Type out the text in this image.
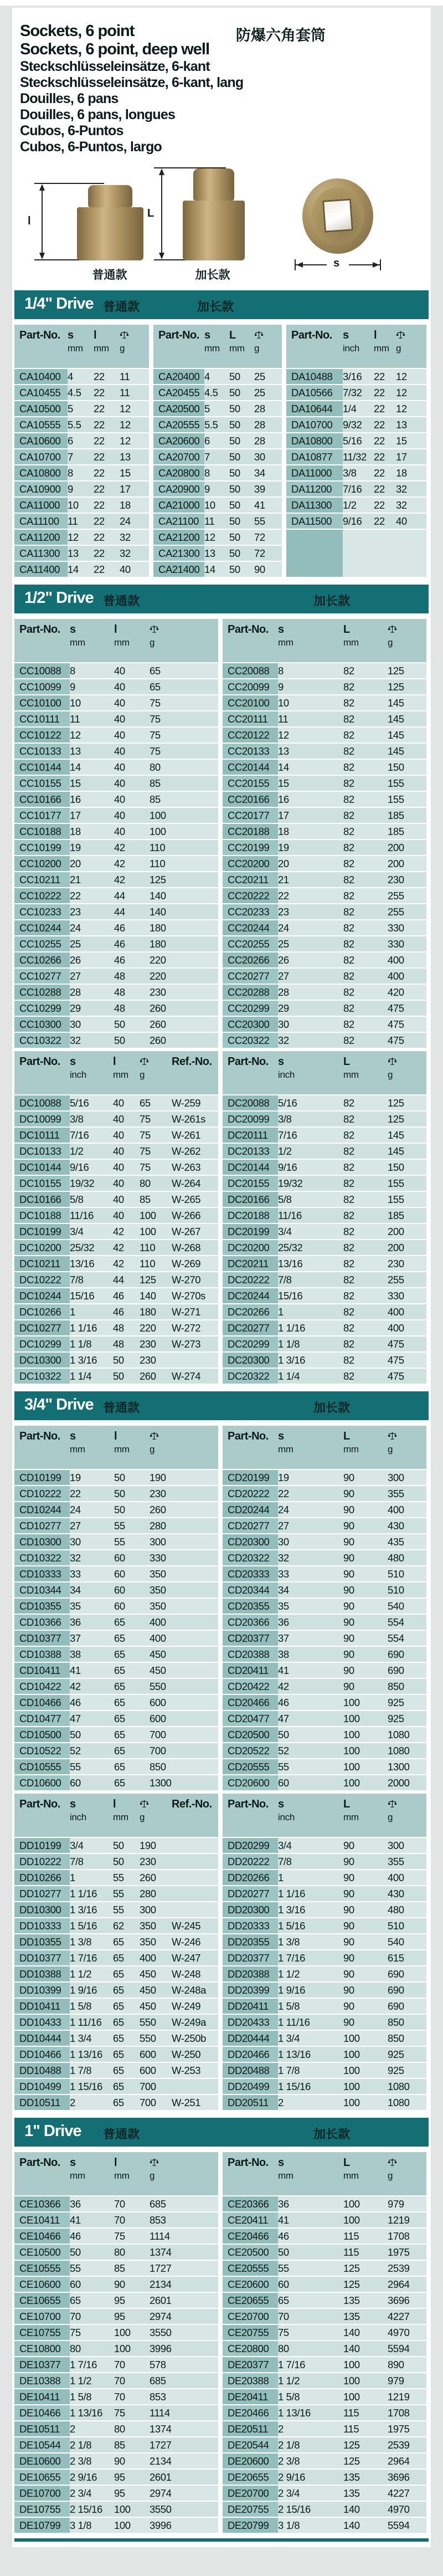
Sockets, 6 point
Sockets, 6 point, deep well
防爆六角套筒
Steckschlüsseleinsätze, 6-kant
Steckschlüsseleinsätze, 6-kant, lang
Douilles, 6 pans
Douilles, 6 pans, longues
Cubos, 6-Puntos
Cubos, 6-Puntos, largo
l
L
s
普通款	加长款
1/4" Drive 普通款	加长款
Part-No. s
mm
l
mm	g
CA10400 4	22	11
CA10455 4.5	22	11
CA10500 5	22	12
CA10555 5.5	22	12
CA10600 6	22	12
CA10700 7	22	13
CA10800 8	22	15
CA10900 9	22	17
CA11000 10	22	18
CA11100 11	22	24
CA11200 12	22	32
CA11300 13	22	32
CA11400 14	22	40
Part-No. s
mm
L
mm	g
CA20400 4	50	25
CA20455 4.5	50	25
CA20500 5	50	28
CA20555 5.5	50	28
CA20600 6	50	28
CA20700 7	50	30
CA20800 8	50	34
CA20900 9	50	39
CA21000 10	50	41
CA21100 11	50	55
CA21200 12	50	72
CA21300 13	50	72
CA21400 14	50	90
Part-No. s
inch
l
mm g
DA10488	3/16	22	12
DA10566	7/32	22	12
DA10644	1/4	22	12
DA10700	9/32	22	13
DA10800	5/16	22	15
DA10877	11/32 22	17
DA11000	3/8	22	18
DA11200	7/16	22	32
DA11300	1/2	22	32
DA11500	9/16	22	40
1/2" Drive 普通款	加长款
Part-No. s
mm
l
mm	g
CC10088 8	40	65
CC10099 9	40	65
CC10100 10	40	75
CC10111 11	40	75
CC10122 12	40	75
CC10133 13	40	75
CC10144 14	40	80
CC10155 15	40	85
CC10166 16	40	85
CC10177 17	40	100
CC10188 18	40	100
CC10199 19	42	110
CC10200 20	42	110
CC10211 21	42	125
CC10222 22	44	140
CC10233 23	44	140
CC10244 24	46	180
CC10255 25	46	180
CC10266 26	46	220
CC10277 27	48	220
CC10288 28	48	230
CC10299 29	48	260
CC10300 30	50	260
CC10322 32	50	260
Part-No. s
mm
L
mm	g
CC20088 8	82	125
CC20099 9	82	125
CC20100 10	82	145
CC20111 11	82	145
CC20122 12	82	145
CC20133 13	82	145
CC20144 14	82	150
CC20155 15	82	155
CC20166 16	82	155
CC20177 17	82	185
CC20188 18	82	185
CC20199 19	82	200
CC20200 20	82	200
CC20211 21	82	230
CC20222 22	82	255
CC20233 23	82	255
CC20244 24	82	330
CC20255 25	82	330
CC20266 26	82	400
CC20277 27	82	400
CC20288 28	82	420
CC20299 29	82	475
CC20300 30	82	475
CC20322 32	82	475
Part-No. s
inch
l
mm	g
Ref.-No.
DC10088 5/16	40	65	W-259
DC10099 3/8	40	75	W-261s
DC10111 7/16	40	75	W-261
DC10133 1/2	40	75	W-262
DC10144 9/16	40	75	W-263
DC10155 19/32	40	80	W-264
DC10166 5/8	40	85	W-265
DC10188 11/16	40	100	W-266
DC10199 3/4	42	100	W-267
DC10200 25/32	42	110	W-268
DC10211 13/16	42	110	W-269
DC10222 7/8	44	125	W-270
DC10244 15/16	46	140	W-270s
DC10266 1	46	180	W-271
DC10277 1 1/16	48	220	W-272
DC10299 1 1/8	48	230	W-273
DC10300 1 3/16	50	230
DC10322 1 1/4	50	260	W-274
Part-No. s
inch
L
mm	g
DC20088 5/16	82	125
DC20099 3/8	82	125
DC20111 7/16	82	145
DC20133 1/2	82	145
DC20144 9/16	82	150
DC20155 19/32	82	155
DC20166 5/8	82	155
DC20188 11/16	82	185
DC20199 3/4	82	200
DC20200 25/32	82	200
DC20211 13/16	82	230
DC20222 7/8	82	255
DC20244 15/16	82	330
DC20266 1	82	400
DC20277 1 1/16	82	400
DC20299 1 1/8	82	475
DC20300 1 3/16	82	475
DC20322 1 1/4	82	475
3/4" Drive 普通款	加长款
Part-No. s
mm
l
mm	g
CD10199 19	50	190
CD10222 22	50	230
CD10244 24	50	260
CD10277 27	55	280
CD10300 30	55	300
CD10322 32	60	330
CD10333 33	60	350
CD10344 34	60	350
CD10355 35	60	350
CD10366 36	65	400
CD10377 37	65	400
CD10388 38	65	450
CD10411 41	65	450
CD10422 42	65	550
CD10466 46	65	600
CD10477 47	65	600
CD10500 50	65	700
CD10522 52	65	700
CD10555 55	65	850
CD10600 60	65	1300
Part-No. s
mm
L
mm	g
CD20199 19	90	300
CD20222 22	90	355
CD20244 24	90	400
CD20277 27	90	430
CD20300 30	90	435
CD20322 32	90	480
CD20333 33	90	510
CD20344 34	90	510
CD20355 35	90	540
CD20366 36	90	554
CD20377 37	90	554
CD20388 38	90	690
CD20411 41	90	690
CD20422 42	90	850
CD20466 46	100	925
CD20477 47	100	925
CD20500 50	100	1080
CD20522 52	100	1080
CD20555 55	100	1300
CD20600 60	100	2000
Part-No. s
inch
l
mm	g
Ref.-No.
DD10199 3/4	50	190
DD10222 7/8	50	230
DD10266 1	55	260
DD10277 1 1/16	55	280
DD10300 1 3/16	55	300
DD10333 1 5/16	62	350	W-245
DD10355 1 3/8	65	350	W-246
DD10377 1 7/16	65	400	W-247
DD10388 1 1/2	65	450	W-248
DD10399 1 9/16	65	450	W-248a
DD10411 1 5/8	65	450	W-249
DD10433 1 11/16	65	550	W-249a
DD10444 1 3/4	65	550	W-250b
DD10466 1 13/16	65	600	W-250
DD10488 1 7/8	65	600	W-253
DD10499 1 15/16	65	700
DD10511 2	65	700	W-251
Part-No. s
inch
L
mm	g
DD20299 3/4	90	300
DD20222 7/8	90	355
DD20266 1	90	400
DD20277 1 1/16	90	430
DD20300 1 3/16	90	480
DD20333 1 5/16	90	510
DD20355 1 3/8	90	540
DD20377 1 7/16	90	615
DD20388 1 1/2	90	690
DD20399 1 9/16	90	690
DD20411 1 5/8	90	690
DD20433 1 11/16	90	850
DD20444 1 3/4	100	850
DD20466 1 13/16	100	925
DD20488 1 7/8	100	925
DD20499 1 15/16	100	1080
DD20511 2	100	1080
1" Drive 普通款	加长款
Part-No. s
mm
l
mm	g
CE10366 36	70	685
CE10411 41	70	853
CE10466 46	75	1114
CE10500 50	80	1374
CE10555 55	85	1727
CE10600 60	90	2134
CE10655 65	95	2601
CE10700 70	95	2974
CE10755 75	100	3550
CE10800 80	100	3996
DE10377 1 7/16	70	578
DE10388 1 1/2	70	685
DE10411 1 5/8	70	853
DE10466 1 13/16	75	1114
DE10511 2	80	1374
DE10544 2 1/8	85	1727
DE10600 2 3/8	90	2134
DE10655 2 9/16	95	2601
DE10700 2 3/4	95	2974
DE10755 2 15/16	100	3550
DE10799 3 1/8	100	3996
Part-No. s
mm
L
mm	g
CE20366 36	100	979
CE20411 41	100	1219
CE20466 46	115	1708
CE20500 50	115	1975
CE20555 55	125	2539
CE20600 60	125	2964
CE20655 65	135	3696
CE20700 70	135	4227
CE20755 75	140	4970
CE20800 80	140	5594
DE20377 1 7/16	100	890
DE20388 1 1/2	100	979
DE20411 1 5/8	100	1219
DE20466 1 13/16	115	1708
DE20511 2	115	1975
DE20544 2 1/8	125	2539
DE20600 2 3/8	125	2964
DE20655 2 9/16	135	3696
DE20700 2 3/4	135	4227
DE20755 2 15/16	140	4970
DE20799 3 1/8	140	5594
